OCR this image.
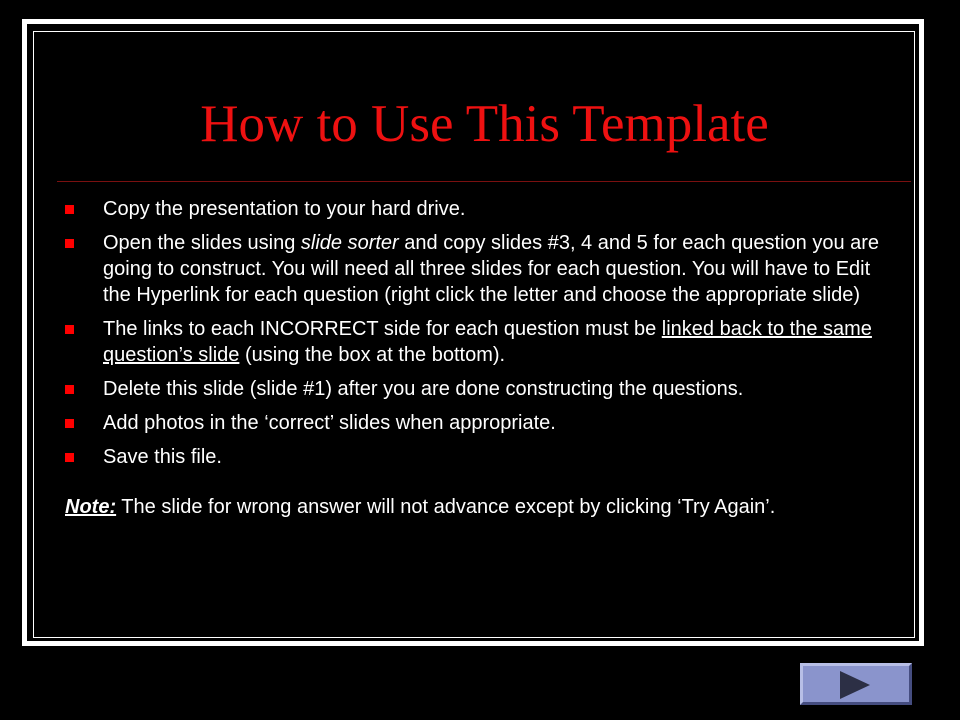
How to Use This Template
Copy the presentation to your hard drive.
Open the slides using slide sorter and copy slides #3, 4 and 5 for each question you are going to construct. You will need all three slides for each question. You will have to Edit the Hyperlink for each question (right click the letter and choose the appropriate slide)
The links to each INCORRECT side for each question must be linked back to the same question’s slide (using the box at the bottom).
Delete this slide (slide #1) after you are done constructing the questions.
Add photos in the ‘correct’ slides when appropriate.
Save this file.
Note: The slide for wrong answer will not advance except by clicking ‘Try Again’.
